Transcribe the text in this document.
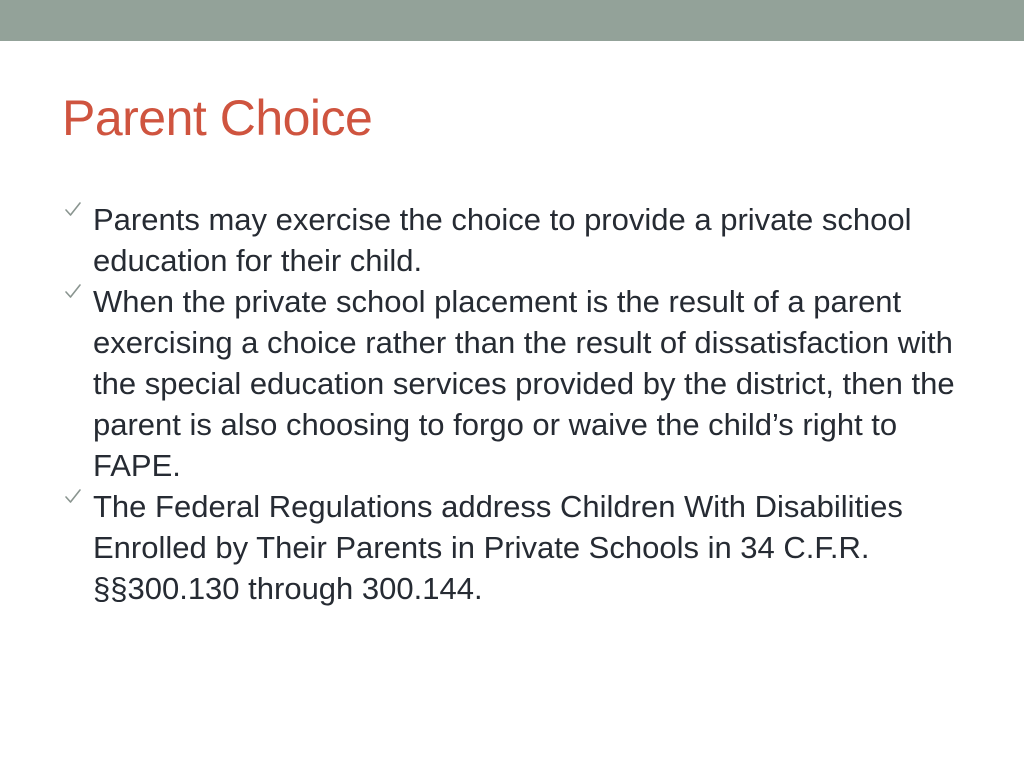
Parent Choice
Parents may exercise the choice to provide a private school education for their child.
When the private school placement is the result of a parent exercising a choice rather than the result of dissatisfaction with the special education services provided by the district, then the parent is also choosing to forgo or waive the child’s right to FAPE.
The Federal Regulations address Children With Disabilities Enrolled by Their Parents in Private Schools in 34 C.F.R. §§300.130 through 300.144.
